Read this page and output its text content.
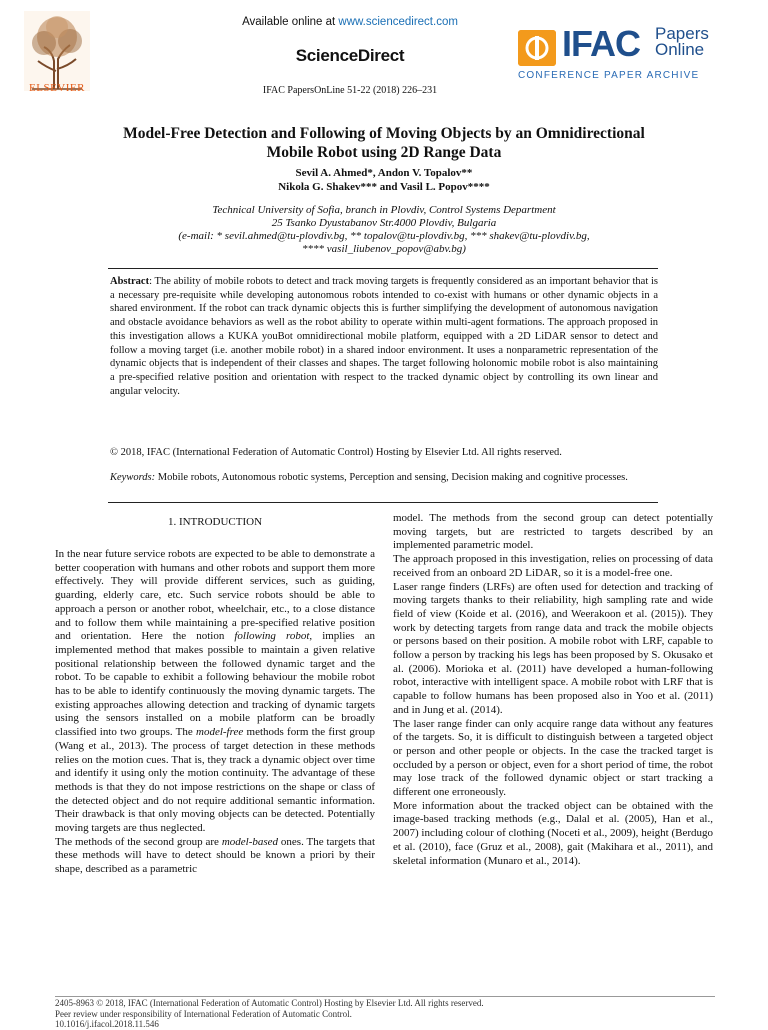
ELSEVIER
Available online at www.sciencedirect.com
ScienceDirect
IFAC PapersOnLine 51-22 (2018) 226–231
IFAC Papers
Online
CONFERENCE PAPER ARCHIVE
Model-Free Detection and Following of Moving Objects by an Omnidirectional
Mobile Robot using 2D Range Data
Sevil A. Ahmed*, Andon V. Topalov**
Nikola G. Shakev*** and Vasil L. Popov****
Technical University of Sofia, branch in Plovdiv, Control Systems Department
25 Tsanko Dyustabanov Str.4000 Plovdiv, Bulgaria
(e-mail: * sevil.ahmed@tu-plovdiv.bg, ** topalov@tu-plovdiv.bg, *** shakev@tu-plovdiv.bg,
**** vasil_liubenov_popov@abv.bg)
Abstract: The ability of mobile robots to detect and track moving targets is frequently considered as an important behavior that is a necessary pre-requisite while developing autonomous robots intended to co-exist with humans or other dynamic objects in a shared environment. If the robot can track dynamic objects this is further simplifying the development of autonomous navigation and obstacle avoidance behaviors as well as the robot ability to operate within multi-agent formations. The approach proposed in this investigation allows a KUKA youBot omnidirectional mobile platform, equipped with a 2D LiDAR sensor to detect and follow a moving target (i.e. another mobile robot) in a shared indoor environment. It uses a nonparametric representation of the dynamic objects that is independent of their classes and shapes. The target following holonomic mobile robot is also maintaining a pre-specified relative position and orientation with respect to the tracked dynamic object by controlling its own linear and angular velocity.
© 2018, IFAC (International Federation of Automatic Control) Hosting by Elsevier Ltd. All rights reserved.
Keywords: Mobile robots, Autonomous robotic systems, Perception and sensing, Decision making and cognitive processes.
1. INTRODUCTION

In the near future service robots are expected to be able to demonstrate a better cooperation with humans and other robots and support them more effectively. They will provide different services, such as guiding, guarding, elderly care, etc. Such service robots should be able to approach a person or another robot, wheelchair, etc., to a close distance and to follow them while maintaining a pre-specified relative position and orientation. Here the notion following robot, implies an implemented method that makes possible to maintain a given relative positional relationship between the followed dynamic target and the robot. To be capable to exhibit a following behaviour the mobile robot has to be able to identify continuously the moving dynamic targets. The existing approaches allowing detection and tracking of dynamic targets using the sensors installed on a mobile platform can be broadly classified into two groups. The model-free methods form the first group (Wang et al., 2013). The process of target detection in these methods relies on the motion cues. That is, they track a dynamic object over time and identify it using only the motion continuity. The advantage of these methods is that they do not impose restrictions on the shape or class of the detected object and do not require additional semantic information. Their drawback is that only moving objects can be detected. Potentially moving targets are thus neglected.

The methods of the second group are model-based ones. The targets that these methods will have to detect should be known a priori by their shape, described as a parametric

model. The methods from the second group can detect potentially moving targets, but are restricted to targets described by an implemented parametric model.

The approach proposed in this investigation, relies on processing of data received from an onboard 2D LiDAR, so it is a model-free one.

Laser range finders (LRFs) are often used for detection and tracking of moving targets thanks to their reliability, high sampling rate and wide field of view (Koide et al. (2016), and Weerakoon et al. (2015)). They work by detecting targets from range data and track the mobile objects or persons based on their position. A mobile robot with LRF, capable to follow a person by tracking his legs has been proposed by S. Okusako et al. (2006). Morioka et al. (2011) have developed a human-following robot, interactive with intelligent space. A mobile robot with LRF that is capable to follow humans has been proposed also in Yoo et al. (2011) and in Jung et al. (2014).

The laser range finder can only acquire range data without any features of the targets. So, it is difficult to distinguish between a targeted object or person and other people or objects. In the case the tracked target is occluded by a person or object, even for a short period of time, the robot may lose track of the followed dynamic object or start tracking a different one erroneously.

More information about the tracked object can be obtained with the image-based tracking methods (e.g., Dalal et al. (2005), Han et al., 2007) including colour of clothing (Noceti et al., 2009), height (Berdugo et al. (2010), face (Gruz et al., 2008), gait (Makihara et al., 2011), and skeletal information (Munaro et al., 2014).

2405-8963 © 2018, IFAC (International Federation of Automatic Control) Hosting by Elsevier Ltd. All rights reserved.
Peer review under responsibility of International Federation of Automatic Control.
10.1016/j.ifacol.2018.11.546
